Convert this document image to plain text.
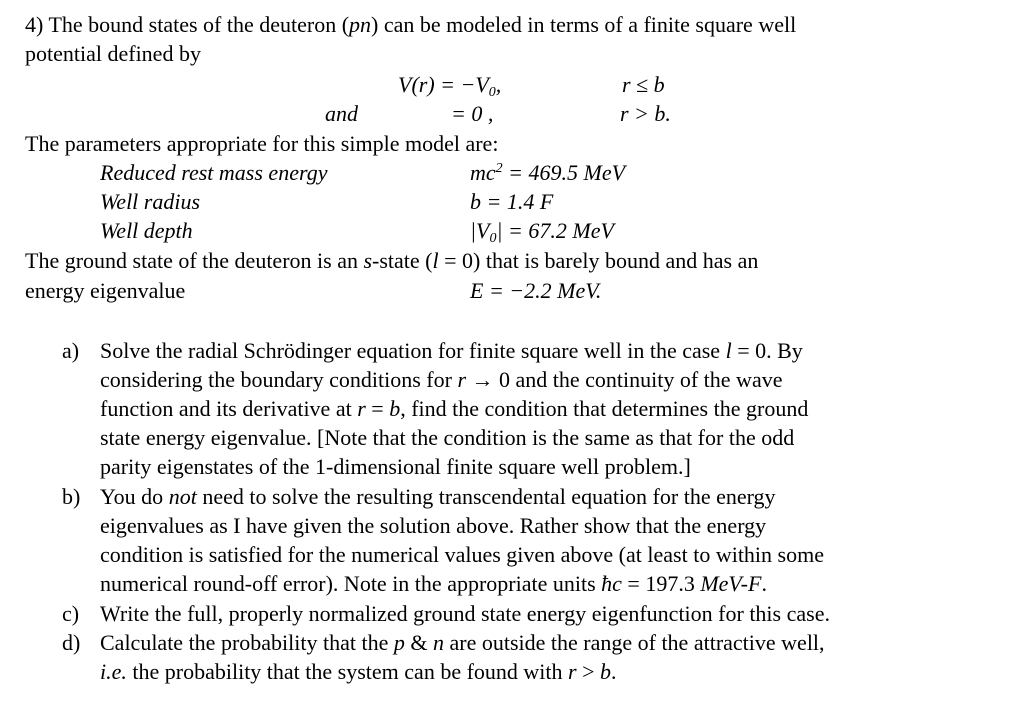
4) The bound states of the deuteron (pn) can be modeled in terms of a finite square well
potential defined by
$V(r) = -V_0$,	r ≤ b
and	= 0 ,	r > b.
The parameters appropriate for this simple model are:
Reduced rest mass energy	$mc^2 = 469.5$ MeV
Well radius	b = 1.4 F
Well depth	$|V_0| = 67.2$ MeV
The ground state of the deuteron is an s-state (l = 0) that is barely bound and has an
energy eigenvalue	E = −2.2 MeV.
a) Solve the radial Schrödinger equation for finite square well in the case l = 0. By
considering the boundary conditions for r → 0 and the continuity of the wave
function and its derivative at r = b, find the condition that determines the ground
state energy eigenvalue. [Note that the condition is the same as that for the odd
parity eigenstates of the 1-dimensional finite square well problem.]
b) You do not need to solve the resulting transcendental equation for the energy
eigenvalues as I have given the solution above. Rather show that the energy
condition is satisfied for the numerical values given above (at least to within some
numerical round-off error). Note in the appropriate units ħc = 197.3 MeV-F.
c) Write the full, properly normalized ground state energy eigenfunction for this case.
d) Calculate the probability that the p & n are outside the range of the attractive well,
i.e. the probability that the system can be found with r > b.
